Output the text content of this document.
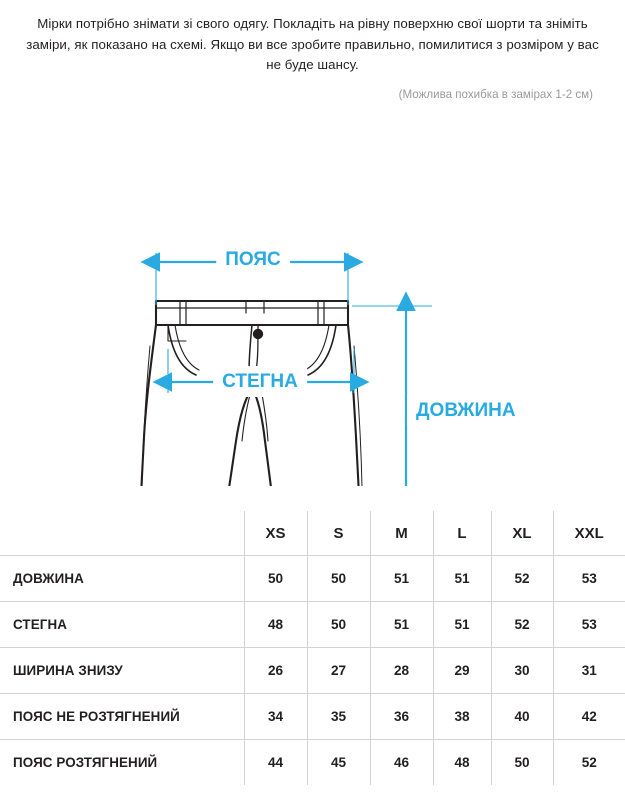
Мірки потрібно знімати зі свого одягу. Покладіть на рівну поверхню свої шорти та зніміть заміри, як показано на схемі. Якщо ви все зробите правильно, помилитися з розміром у вас не буде шансу.

(Можлива похибка в замірах 1-2 см)
ПОЯС
СТЕГНА
ДОВЖИНА
	XS	S	M	L	XL	XXL
ДОВЖИНА	50	50	51	51	52	53
СТЕГНА	48	50	51	51	52	53
ШИРИНА ЗНИЗУ	26	27	28	29	30	31
ПОЯС НЕ РОЗТЯГНЕНИЙ	34	35	36	38	40	42
ПОЯС РОЗТЯГНЕНИЙ	44	45	46	48	50	52
